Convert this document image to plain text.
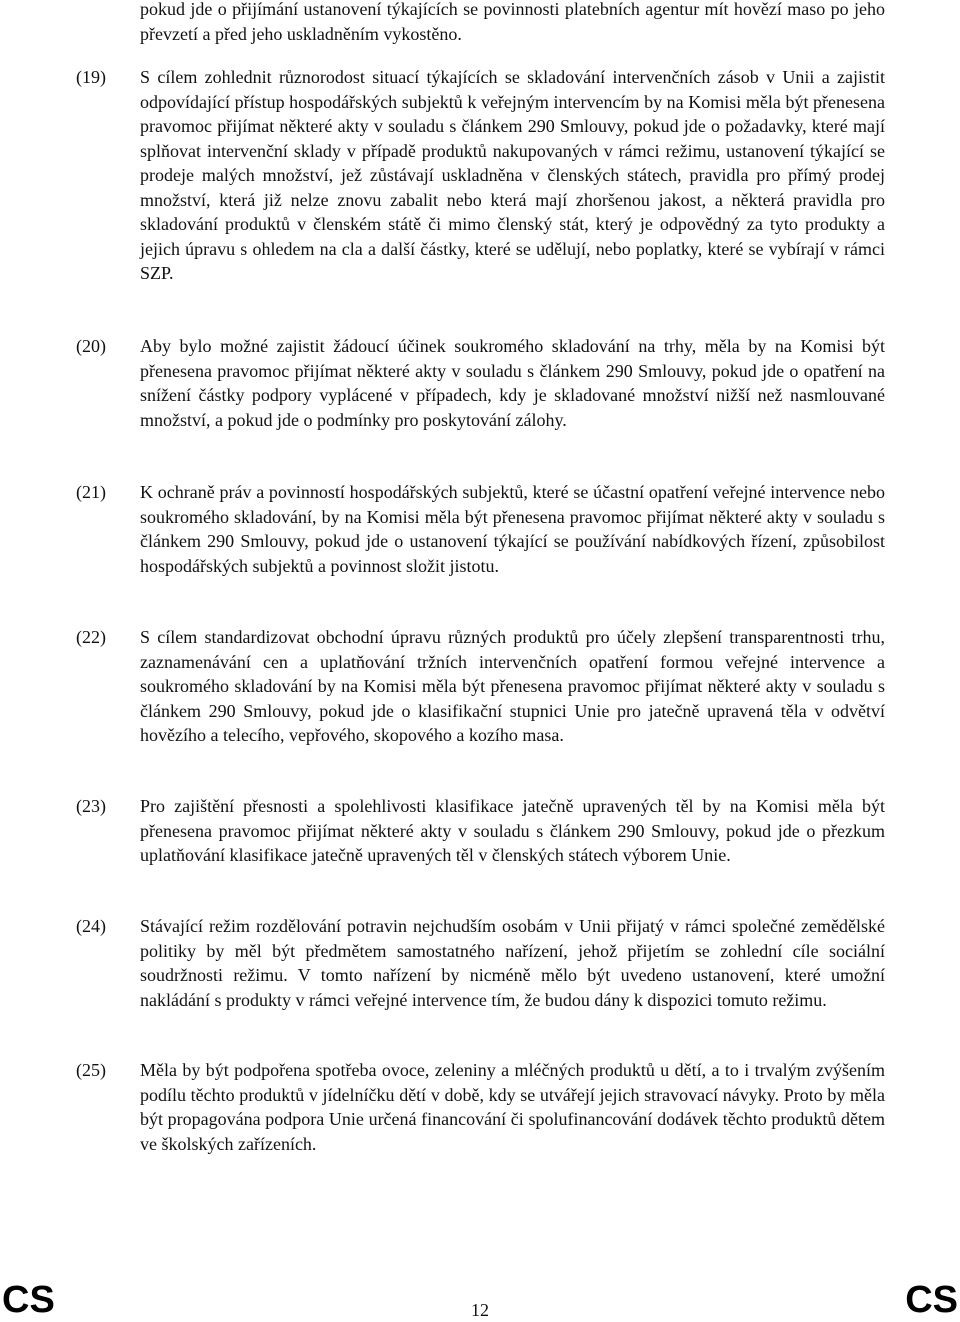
pokud jde o přijímání ustanovení týkajících se povinnosti platebních agentur mít hovězí maso po jeho převzetí a před jeho uskladněním vykostěno.
(19) S cílem zohlednit různorodost situací týkajících se skladování intervenčních zásob v Unii a zajistit odpovídající přístup hospodářských subjektů k veřejným intervencím by na Komisi měla být přenesena pravomoc přijímat některé akty v souladu s článkem 290 Smlouvy, pokud jde o požadavky, které mají splňovat intervenční sklady v případě produktů nakupovaných v rámci režimu, ustanovení týkající se prodeje malých množství, jež zůstávají uskladněna v členských státech, pravidla pro přímý prodej množství, která již nelze znovu zabalit nebo která mají zhoršenou jakost, a některá pravidla pro skladování produktů v členském státě či mimo členský stát, který je odpovědný za tyto produkty a jejich úpravu s ohledem na cla a další částky, které se udělují, nebo poplatky, které se vybírají v rámci SZP.
(20) Aby bylo možné zajistit žádoucí účinek soukromého skladování na trhy, měla by na Komisi být přenesena pravomoc přijímat některé akty v souladu s článkem 290 Smlouvy, pokud jde o opatření na snížení částky podpory vyplácené v případech, kdy je skladované množství nižší než nasmlouvané množství, a pokud jde o podmínky pro poskytování zálohy.
(21) K ochraně práv a povinností hospodářských subjektů, které se účastní opatření veřejné intervence nebo soukromého skladování, by na Komisi měla být přenesena pravomoc přijímat některé akty v souladu s článkem 290 Smlouvy, pokud jde o ustanovení týkající se používání nabídkových řízení, způsobilost hospodářských subjektů a povinnost složit jistotu.
(22) S cílem standardizovat obchodní úpravu různých produktů pro účely zlepšení transparentnosti trhu, zaznamenávání cen a uplatňování tržních intervenčních opatření formou veřejné intervence a soukromého skladování by na Komisi měla být přenesena pravomoc přijímat některé akty v souladu s článkem 290 Smlouvy, pokud jde o klasifikační stupnici Unie pro jatečně upravená těla v odvětví hovězího a telecího, vepřového, skopového a kozího masa.
(23) Pro zajištění přesnosti a spolehlivosti klasifikace jatečně upravených těl by na Komisi měla být přenesena pravomoc přijímat některé akty v souladu s článkem 290 Smlouvy, pokud jde o přezkum uplatňování klasifikace jatečně upravených těl v členských státech výborem Unie.
(24) Stávající režim rozdělování potravin nejchudším osobám v Unii přijatý v rámci společné zemědělské politiky by měl být předmětem samostatného nařízení, jehož přijetím se zohlední cíle sociální soudržnosti režimu. V tomto nařízení by nicméně mělo být uvedeno ustanovení, které umožní nakládání s produkty v rámci veřejné intervence tím, že budou dány k dispozici tomuto režimu.
(25) Měla by být podpořena spotřeba ovoce, zeleniny a mléčných produktů u dětí, a to i trvalým zvýšením podílu těchto produktů v jídelníčku dětí v době, kdy se utvářejí jejich stravovací návyky. Proto by měla být propagována podpora Unie určená financování či spolufinancování dodávek těchto produktů dětem ve školských zařízeních.
CS	12	CS
